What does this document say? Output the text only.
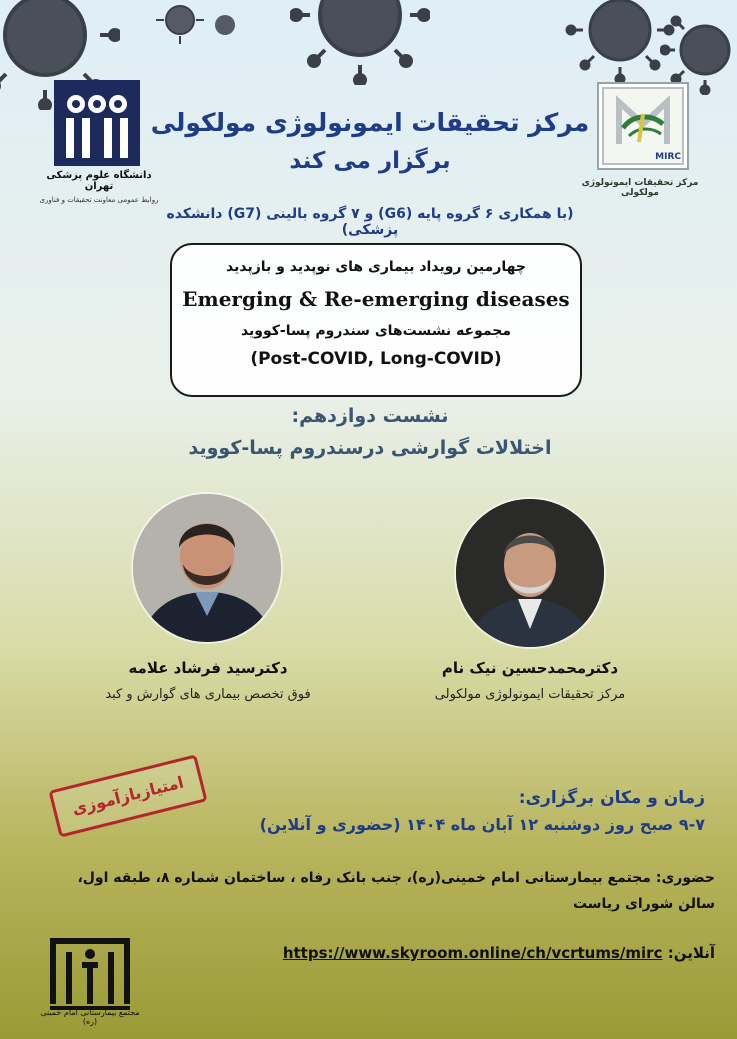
MIRC
مرکز تحقیقات ایمونولوژی مولکولی
دانشگاه علوم پزشکی تهران
روابط عمومی معاونت تحقیقات و فناوری
مرکز تحقیقات ایمونولوژی مولکولی
برگزار می کند
(با همکاری ۶ گروه پایه (G6) و ۷ گروه بالینی (G7) دانشکده پزشکی)
چهارمین رویداد بیماری های نوپدید و بازپدید
Emerging & Re-emerging diseases
مجموعه نشست‌های سندروم پسا-کووید
(Post-COVID, Long-COVID)
نشست دوازدهم:
اختلالات گوارشی درسندروم پسا-کووید
دکترمحمدحسین نیک نام
مرکز تحقیقات ایمونولوژی مولکولی
دکترسید فرشاد علامه
فوق تخصص بیماری های گوارش و کبد
امتیازبازآموزی	زمان و مکان برگزاری:
۹-۷ صبح روز دوشنبه ۱۲ آبان ماه ۱۴۰۴ (حضوری و آنلاین)
حضوری: مجتمع بیمارستانی امام خمینی(ره)، جنب بانک رفاه ، ساختمان شماره ۸، طبقه اول، سالن شورای ریاست
آنلاین: https://www.skyroom.online/ch/vcrtums/mirc
مجتمع بیمارستانی امام خمینی (ره)
